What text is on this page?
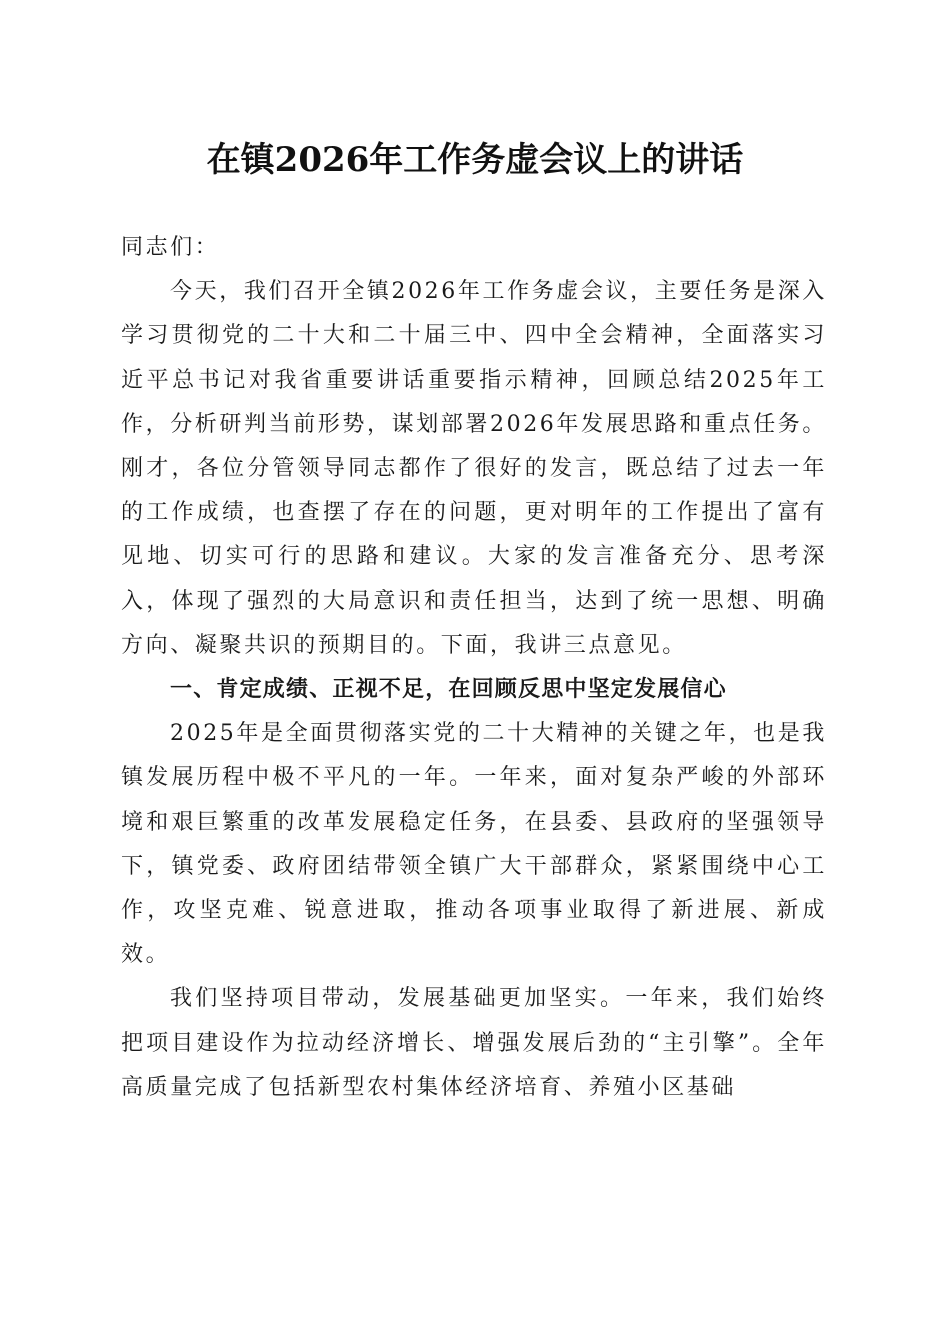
在镇2026年工作务虚会议上的讲话

同志们：

今天，我们召开全镇2026年工作务虚会议，主要任务是深入学习贯彻党的二十大和二十届三中、四中全会精神，全面落实习近平总书记对我省重要讲话重要指示精神，回顾总结2025年工作，分析研判当前形势，谋划部署2026年发展思路和重点任务。刚才，各位分管领导同志都作了很好的发言，既总结了过去一年的工作成绩，也查摆了存在的问题，更对明年的工作提出了富有见地、切实可行的思路和建议。大家的发言准备充分、思考深入，体现了强烈的大局意识和责任担当，达到了统一思想、明确方向、凝聚共识的预期目的。下面，我讲三点意见。

一、肯定成绩、正视不足，在回顾反思中坚定发展信心

2025年是全面贯彻落实党的二十大精神的关键之年，也是我镇发展历程中极不平凡的一年。一年来，面对复杂严峻的外部环境和艰巨繁重的改革发展稳定任务，在县委、县政府的坚强领导下，镇党委、政府团结带领全镇广大干部群众，紧紧围绕中心工作，攻坚克难、锐意进取，推动各项事业取得了新进展、新成效。

我们坚持项目带动，发展基础更加坚实。一年来，我们始终把项目建设作为拉动经济增长、增强发展后劲的“主引擎”。全年高质量完成了包括新型农村集体经济培育、养殖小区基础
